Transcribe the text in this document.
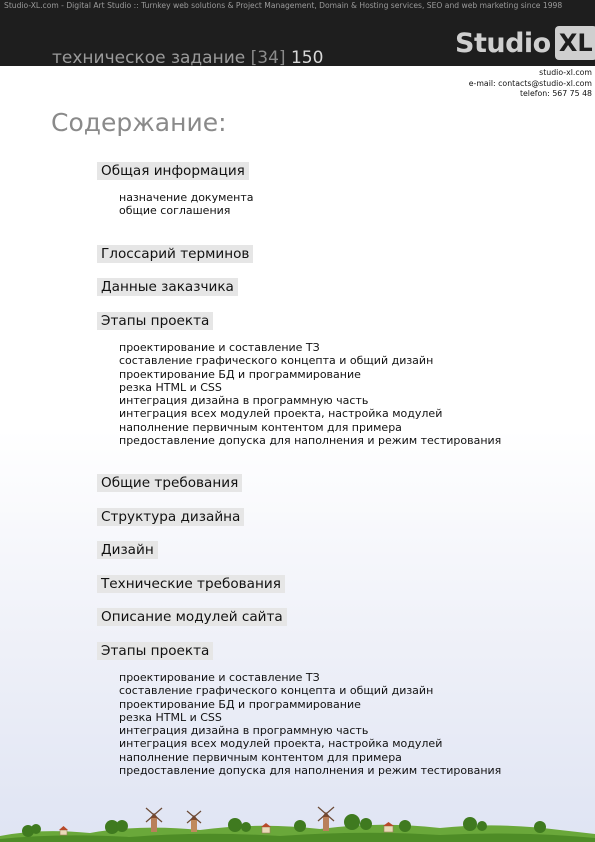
Studio-XL.com - Digital Art Studio :: Turnkey web solutions & Project Management, Domain & Hosting services, SEO and web marketing since 1998
техническое задание [34] 150	Studio XL
studio-xl.com
e-mail: contacts@studio-xl.com
telefon: 567 75 48
Содержание:
Общая информация
назначение документа
общие соглашения
Глоссарий терминов
Данные заказчика
Этапы проекта
проектирование и составление ТЗ
составление графического концепта и общий дизайн
проектирование БД и программирование
резка HTML и CSS
интеграция дизайна в программную часть
интеграция всех модулей проекта, настройка модулей
наполнение первичным контентом для примера
предоставление допуска для наполнения и режим тестирования
Общие требования
Структура дизайна
Дизайн
Технические требования
Описание модулей сайта
Этапы проекта
проектирование и составление ТЗ
составление графического концепта и общий дизайн
проектирование БД и программирование
резка HTML и CSS
интеграция дизайна в программную часть
интеграция всех модулей проекта, настройка модулей
наполнение первичным контентом для примера
предоставление допуска для наполнения и режим тестирования
